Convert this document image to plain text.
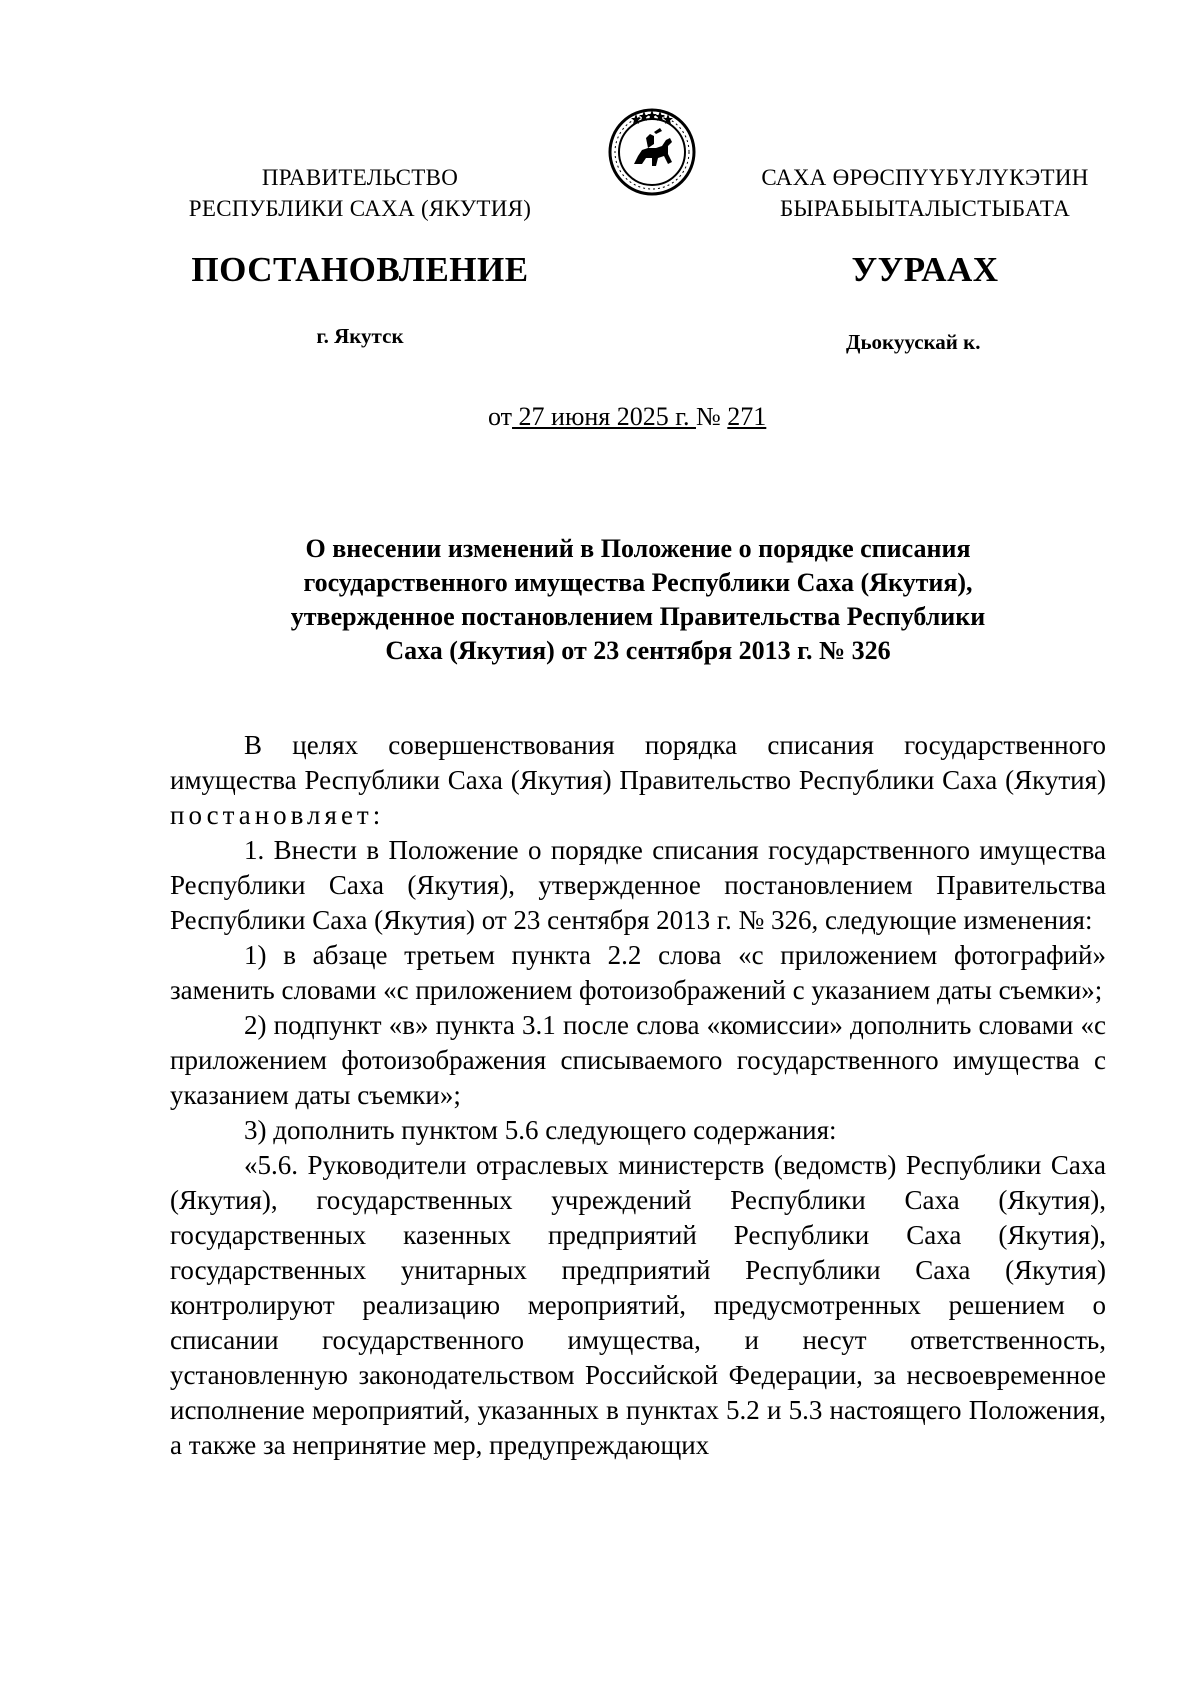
ПРАВИТЕЛЬСТВО
РЕСПУБЛИКИ САХА (ЯКУТИЯ)
САХА ӨРӨСПҮҮБҮЛҮКЭТИН
БЫРАБЫЫТАЛЫСТЫБАТА
ПОСТАНОВЛЕНИЕ	УУРААХ
г. Якутск	Дьокуускай к.
от 27 июня 2025 г. № 271
О внесении изменений в Положение о порядке списания
государственного имущества Республики Саха (Якутия),
утвержденное постановлением Правительства Республики
Саха (Якутия) от 23 сентября 2013 г. № 326

В целях совершенствования порядка списания государственного имущества Республики Саха (Якутия) Правительство Республики Саха (Якутия) постановляет:

1. Внести в Положение о порядке списания государственного имущества Республики Саха (Якутия), утвержденное постановлением Правительства Республики Саха (Якутия) от 23 сентября 2013 г. № 326, следующие изменения:

1) в абзаце третьем пункта 2.2 слова «с приложением фотографий» заменить словами «с приложением фотоизображений с указанием даты съемки»;

2) подпункт «в» пункта 3.1 после слова «комиссии» дополнить словами «с приложением фотоизображения списываемого государственного имущества с указанием даты съемки»;

3) дополнить пунктом 5.6 следующего содержания:

«5.6. Руководители отраслевых министерств (ведомств) Республики Саха (Якутия), государственных учреждений Республики Саха (Якутия), государственных казенных предприятий Республики Саха (Якутия), государственных унитарных предприятий Республики Саха (Якутия) контролируют реализацию мероприятий, предусмотренных решением о списании государственного имущества, и несут ответственность, установленную законодательством Российской Федерации, за несвоевременное исполнение мероприятий, указанных в пунктах 5.2 и 5.3 настоящего Положения, а также за непринятие мер, предупреждающих
